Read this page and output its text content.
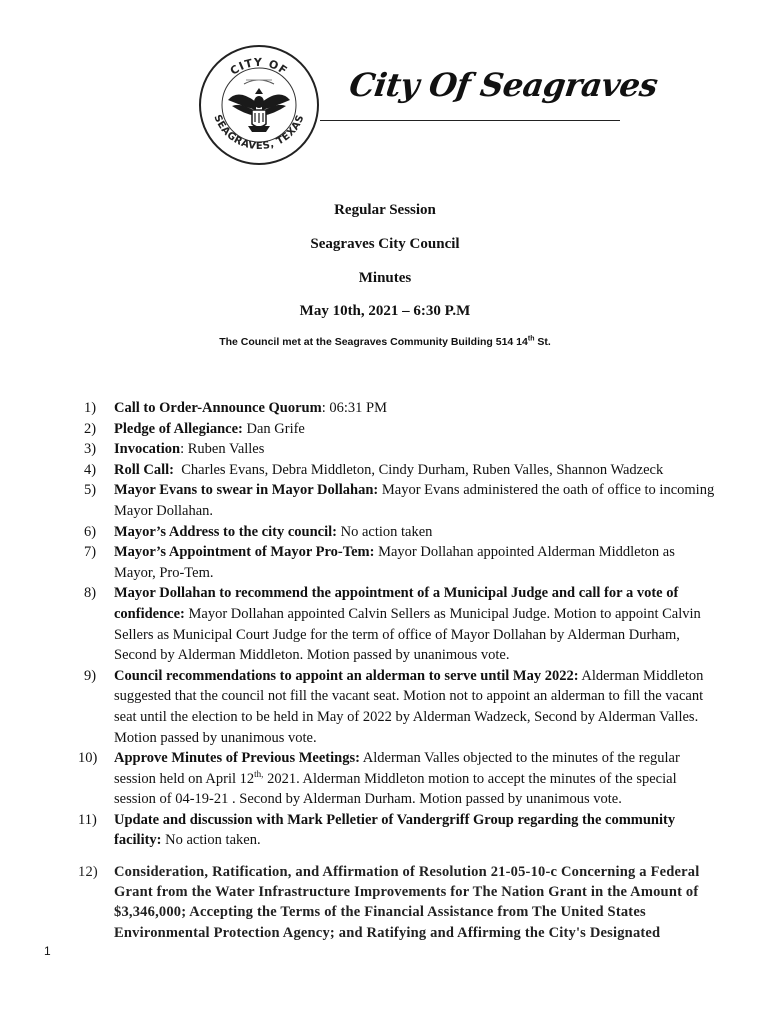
CITY OF
SEAGRAVES, TEXAS
City Of Seagraves
Regular Session
Seagraves City Council
Minutes
May 10th, 2021 – 6:30 P.M
The Council met at the Seagraves Community Building 514 14th St.
1) Call to Order-Announce Quorum: 06:31 PM
2) Pledge of Allegiance: Dan Grife
3) Invocation: Ruben Valles
4) Roll Call:  Charles Evans, Debra Middleton, Cindy Durham, Ruben Valles, Shannon Wadzeck
5) Mayor Evans to swear in Mayor Dollahan: Mayor Evans administered the oath of office to incoming Mayor Dollahan.
6) Mayor’s Address to the city council: No action taken
7) Mayor’s Appointment of Mayor Pro-Tem: Mayor Dollahan appointed Alderman Middleton as Mayor, Pro-Tem.
8) Mayor Dollahan to recommend the appointment of a Municipal Judge and call for a vote of confidence: Mayor Dollahan appointed Calvin Sellers as Municipal Judge. Motion to appoint Calvin Sellers as Municipal Court Judge for the term of office of Mayor Dollahan by Alderman Durham, Second by Alderman Middleton. Motion passed by unanimous vote.
9) Council recommendations to appoint an alderman to serve until May 2022: Alderman Middleton suggested that the council not fill the vacant seat. Motion not to appoint an alderman to fill the vacant seat until the election to be held in May of 2022 by Alderman Wadzeck, Second by Alderman Valles. Motion passed by unanimous vote.
10) Approve Minutes of Previous Meetings: Alderman Valles objected to the minutes of the regular session held on April $12^{th,}$ 2021. Alderman Middleton motion to accept the minutes of the special session of 04-19-21 . Second by Alderman Durham. Motion passed by unanimous vote.
11) Update and discussion with Mark Pelletier of Vandergriff Group regarding the community facility: No action taken.
12) Consideration, Ratification, and Affirmation of Resolution 21-05-10-c Concerning a Federal Grant from the Water Infrastructure Improvements for The Nation Grant in the Amount of $3,346,000; Accepting the Terms of the Financial Assistance from The United States Environmental Protection Agency; and Ratifying and Affirming the City's Designated
1
